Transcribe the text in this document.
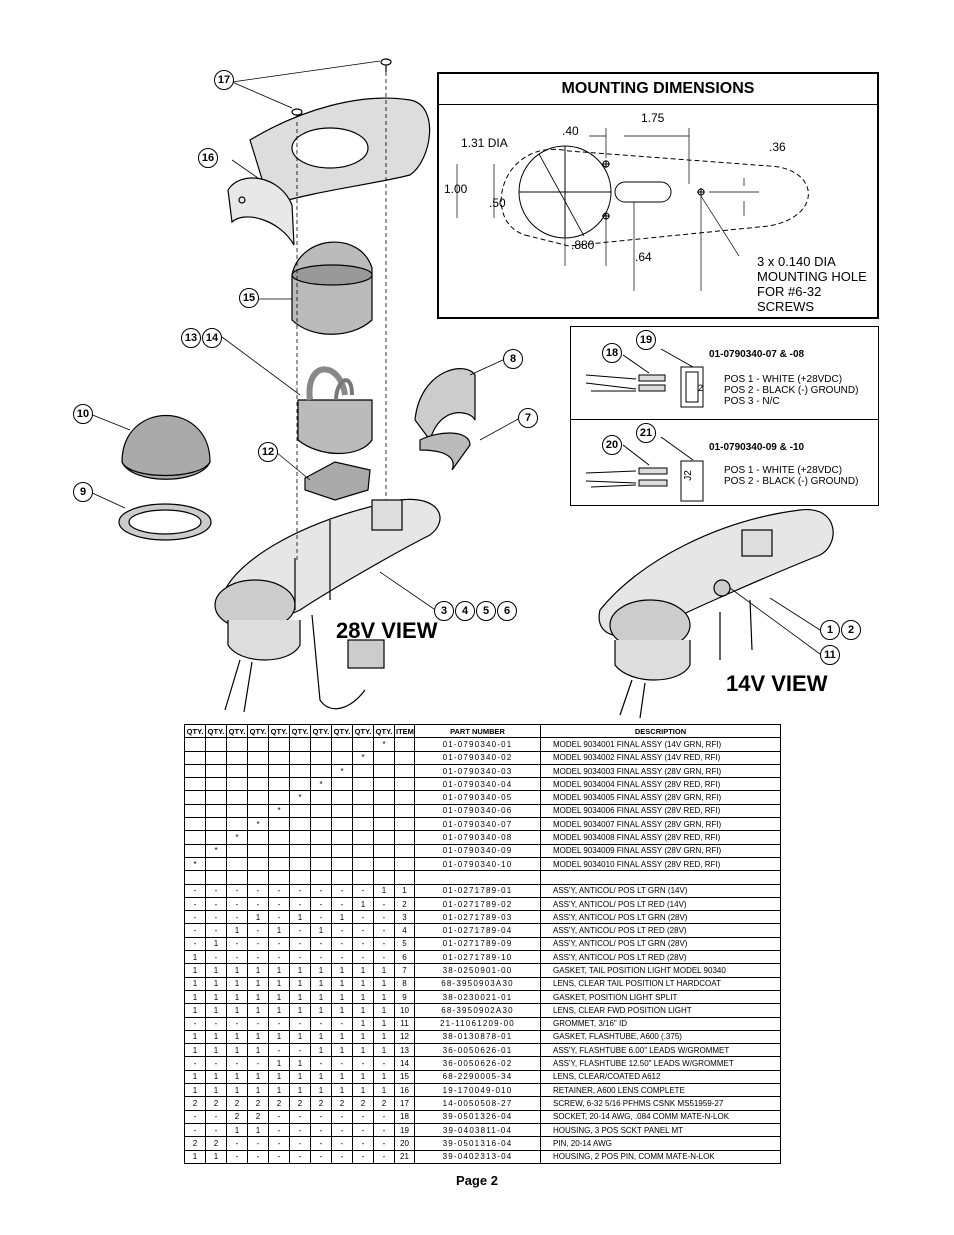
17
16
15
13 14
10
9
12
8
7
3	4	5	6
1	2
11
28V VIEW
14V VIEW
MOUNTING DIMENSIONS
1.75
.40
1.31 DIA	.36
1.00
.50
.880
.64	3 x 0.140 DIA
MOUNTING HOLE
FOR #6-32
SCREWS
18
19
01-0790340-07 & -08
2
POS 1 - WHITE (+28VDC)
POS 2 - BLACK (-) GROUND)
POS 3 - N/C
20
21
01-0790340-09 & -10
J2	POS 1 - WHITE (+28VDC)
POS 2 - BLACK (-) GROUND)
QTY.	QTY.	QTY.	QTY.	QTY.	QTY.	QTY.	QTY.	QTY.	QTY.	ITEM	PART NUMBER	DESCRIPTION
									*		01-0790340-01	MODEL 9034001 FINAL ASSY (14V GRN, RFI)
								*			01-0790340-02	MODEL 9034002 FINAL ASSY (14V RED, RFI)
							*				01-0790340-03	MODEL 9034003 FINAL ASSY (28V GRN, RFI)
						*					01-0790340-04	MODEL 9034004 FINAL ASSY (28V RED, RFI)
					*						01-0790340-05	MODEL 9034005 FINAL ASSY (28V GRN, RFI)
				*							01-0790340-06	MODEL 9034006 FINAL ASSY (28V RED, RFI)
			*								01-0790340-07	MODEL 9034007 FINAL ASSY (28V GRN, RFI)
		*									01-0790340-08	MODEL 9034008 FINAL ASSY (28V RED, RFI)
	*										01-0790340-09	MODEL 9034009 FINAL ASSY (28V GRN, RFI)
*											01-0790340-10	MODEL 9034010 FINAL ASSY (28V RED, RFI)

-	-	-	-	-	-	-	-	-	1	1	01-0271789-01	ASS'Y, ANTICOL/ POS LT GRN (14V)
-	-	-	-	-	-	-	-	1	-	2	01-0271789-02	ASS'Y, ANTICOL/ POS LT RED (14V)
-	-	-	1	-	1	-	1	-	-	3	01-0271789-03	ASS'Y, ANTICOL/ POS LT GRN (28V)
-	-	1	-	1	-	1	-	-	-	4	01-0271789-04	ASS'Y, ANTICOL/ POS LT RED (28V)
-	1	-	-	-	-	-	-	-	-	5	01-0271789-09	ASS'Y, ANTICOL/ POS LT GRN (28V)
1	-	-	-	-	-	-	-	-	-	6	01-0271789-10	ASS'Y, ANTICOL/ POS LT RED (28V)
1	1	1	1	1	1	1	1	1	1	7	38-0250901-00	GASKET, TAIL POSITION LIGHT MODEL 90340
1	1	1	1	1	1	1	1	1	1	8	68-3950903A30	LENS, CLEAR TAIL POSITION LT HARDCOAT
1	1	1	1	1	1	1	1	1	1	9	38-0230021-01	GASKET, POSITION LIGHT SPLIT
1	1	1	1	1	1	1	1	1	1	10	68-3950902A30	LENS, CLEAR FWD POSITION LIGHT
-	-	-	-	-	-	-	-	1	1	11	21-11061209-00	GROMMET, 3/16" ID
1	1	1	1	1	1	1	1	1	1	12	38-0130878-01	GASKET, FLASHTUBE, A600 (.375)
1	1	1	1	-	-	1	1	1	1	13	36-0050626-01	ASS'Y, FLASHTUBE 6.00" LEADS W/GROMMET
-	-	-	-	1	1	-	-	-	-	14	36-0050626-02	ASS'Y, FLASHTUBE 12.50" LEADS W/GROMMET
1	1	1	1	1	1	1	1	1	1	15	68-2290005-34	LENS, CLEAR/COATED A612
1	1	1	1	1	1	1	1	1	1	16	19-170049-010	RETAINER, A600 LENS COMPLETE
2	2	2	2	2	2	2	2	2	2	17	14-0050508-27	SCREW, 6-32 5/16 PFHMS CSNK MS51959-27
-	-	2	2	-	-	-	-	-	-	18	39-0501326-04	SOCKET, 20-14 AWG, .084 COMM MATE-N-LOK
-	-	1	1	-	-	-	-	-	-	19	39-0403811-04	HOUSING, 3 POS SCKT PANEL MT
2	2	-	-	-	-	-	-	-	-	20	39-0501316-04	PIN, 20-14 AWG
1	1	-	-	-	-	-	-	-	-	21	39-0402313-04	HOUSING, 2 POS PIN, COMM MATE-N-LOK
Page 2
